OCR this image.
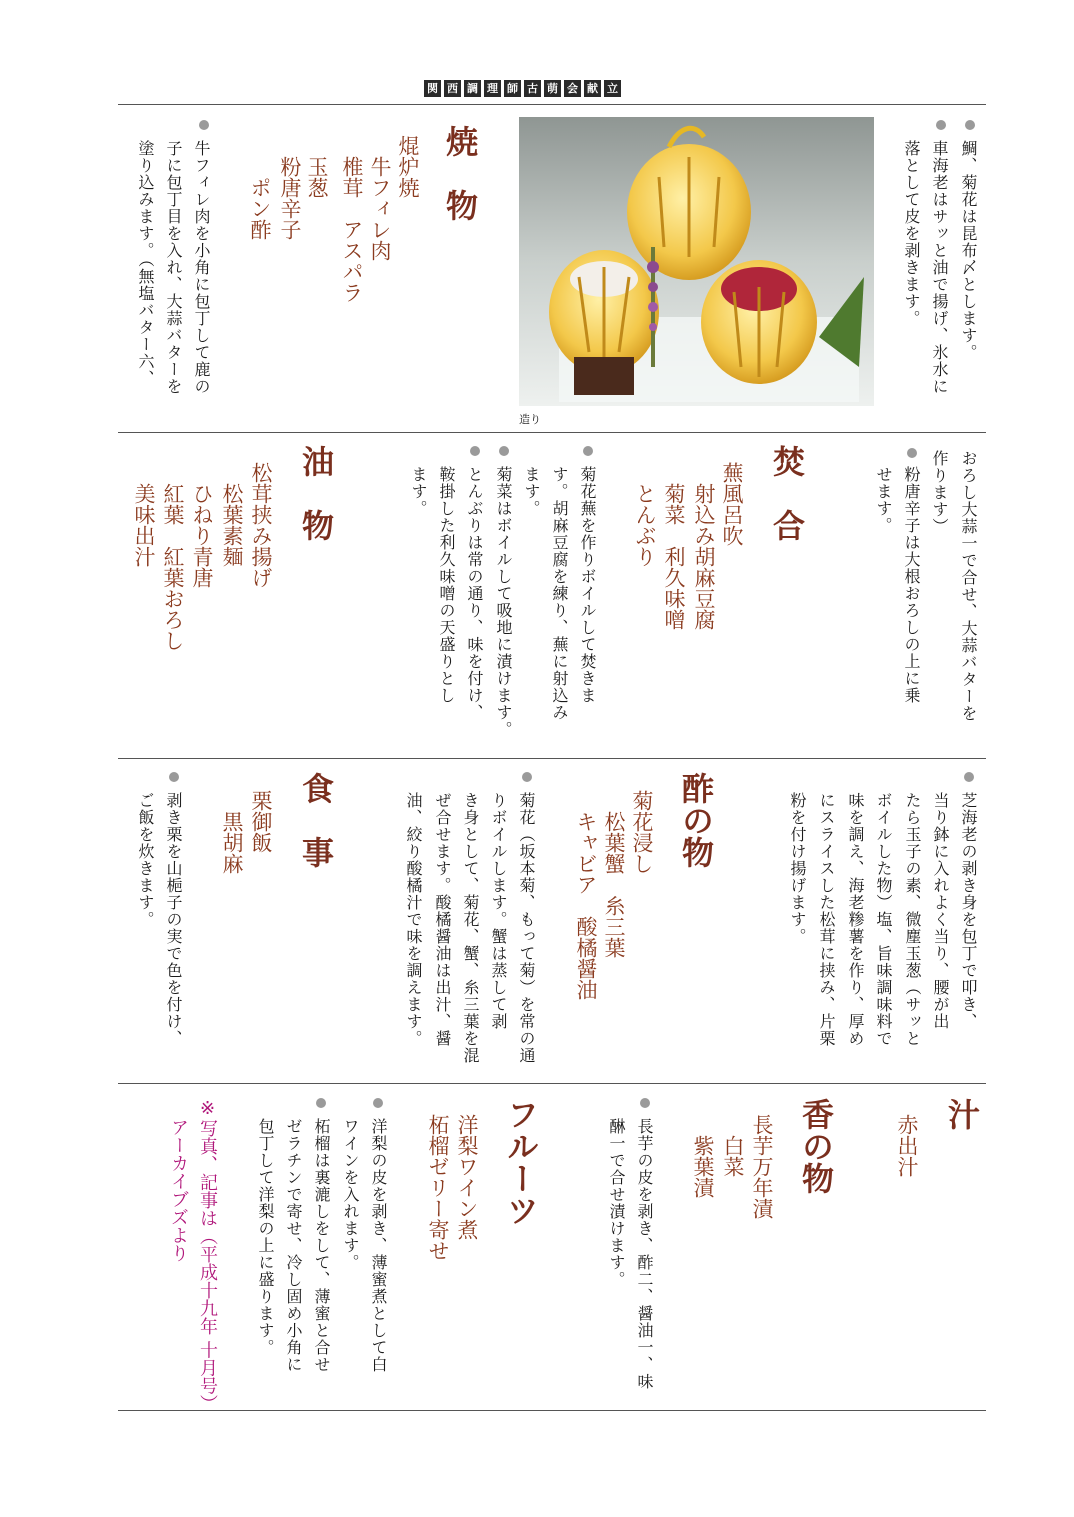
関 西 調 理 師 古 萌 会 献 立

鯛、菊花は昆布〆とします。

車海老はサッと油で揚げ、氷水に

落として皮を剥きます。

造り

焼　物

焜炉焼

　牛フィレ肉

　椎茸　アスパラ

　玉葱

　粉唐辛子

　　ポン酢

牛フィレ肉を小角に包丁して鹿の

子に包丁目を入れ、大蒜バターを

塗り込みます。（無塩バター六、

おろし大蒜一で合せ、大蒜バターを

作ります）

粉唐辛子は大根おろしの上に乗

せます。

焚　合

蕪風呂吹

　射込み胡麻豆腐

　菊菜　利久味噌

　とんぶり

菊花蕪を作りボイルして焚きま

す。胡麻豆腐を練り、蕪に射込み

ます。

菊菜はボイルして吸地に漬けます。

とんぶりは常の通り、味を付け、

鞍掛した利久味噌の天盛りとし

ます。

油　物

松茸挟み揚げ

　松葉素麺

　ひねり青唐

　紅葉　紅葉おろし

　美味出汁

芝海老の剥き身を包丁で叩き、

当り鉢に入れよく当り、腰が出

たら玉子の素、微塵玉葱（サッと

ボイルした物）塩、旨味調味料で

味を調え、海老糁薯を作り、厚め

にスライスした松茸に挟み、片栗

粉を付け揚げます。

酢の物

菊花浸し

　松葉蟹　糸三葉

　キャビア　酸橘醤油

菊花（坂本菊、もって菊）を常の通

りボイルします。蟹は蒸して剥

き身として、菊花、蟹、糸三葉を混

ぜ合せます。酸橘醤油は出汁、醤

油、絞り酸橘汁で味を調えます。

食　事

栗御飯

　黒胡麻

剥き栗を山梔子の実で色を付け、

ご飯を炊きます。

汁

赤出汁

香の物

長芋万年漬

　白菜

　紫葉漬

長芋の皮を剥き、酢二、醤油一、味

醂一で合せ漬けます。

フルーツ

洋梨ワイン煮

柘榴ゼリー寄せ

洋梨の皮を剥き、薄蜜煮として白

ワインを入れます。

柘榴は裏漉しをして、薄蜜と合せ

ゼラチンで寄せ、冷し固め小角に

包丁して洋梨の上に盛ります。

※写真、記事は（平成十九年 十月号）

アーカイブズより
